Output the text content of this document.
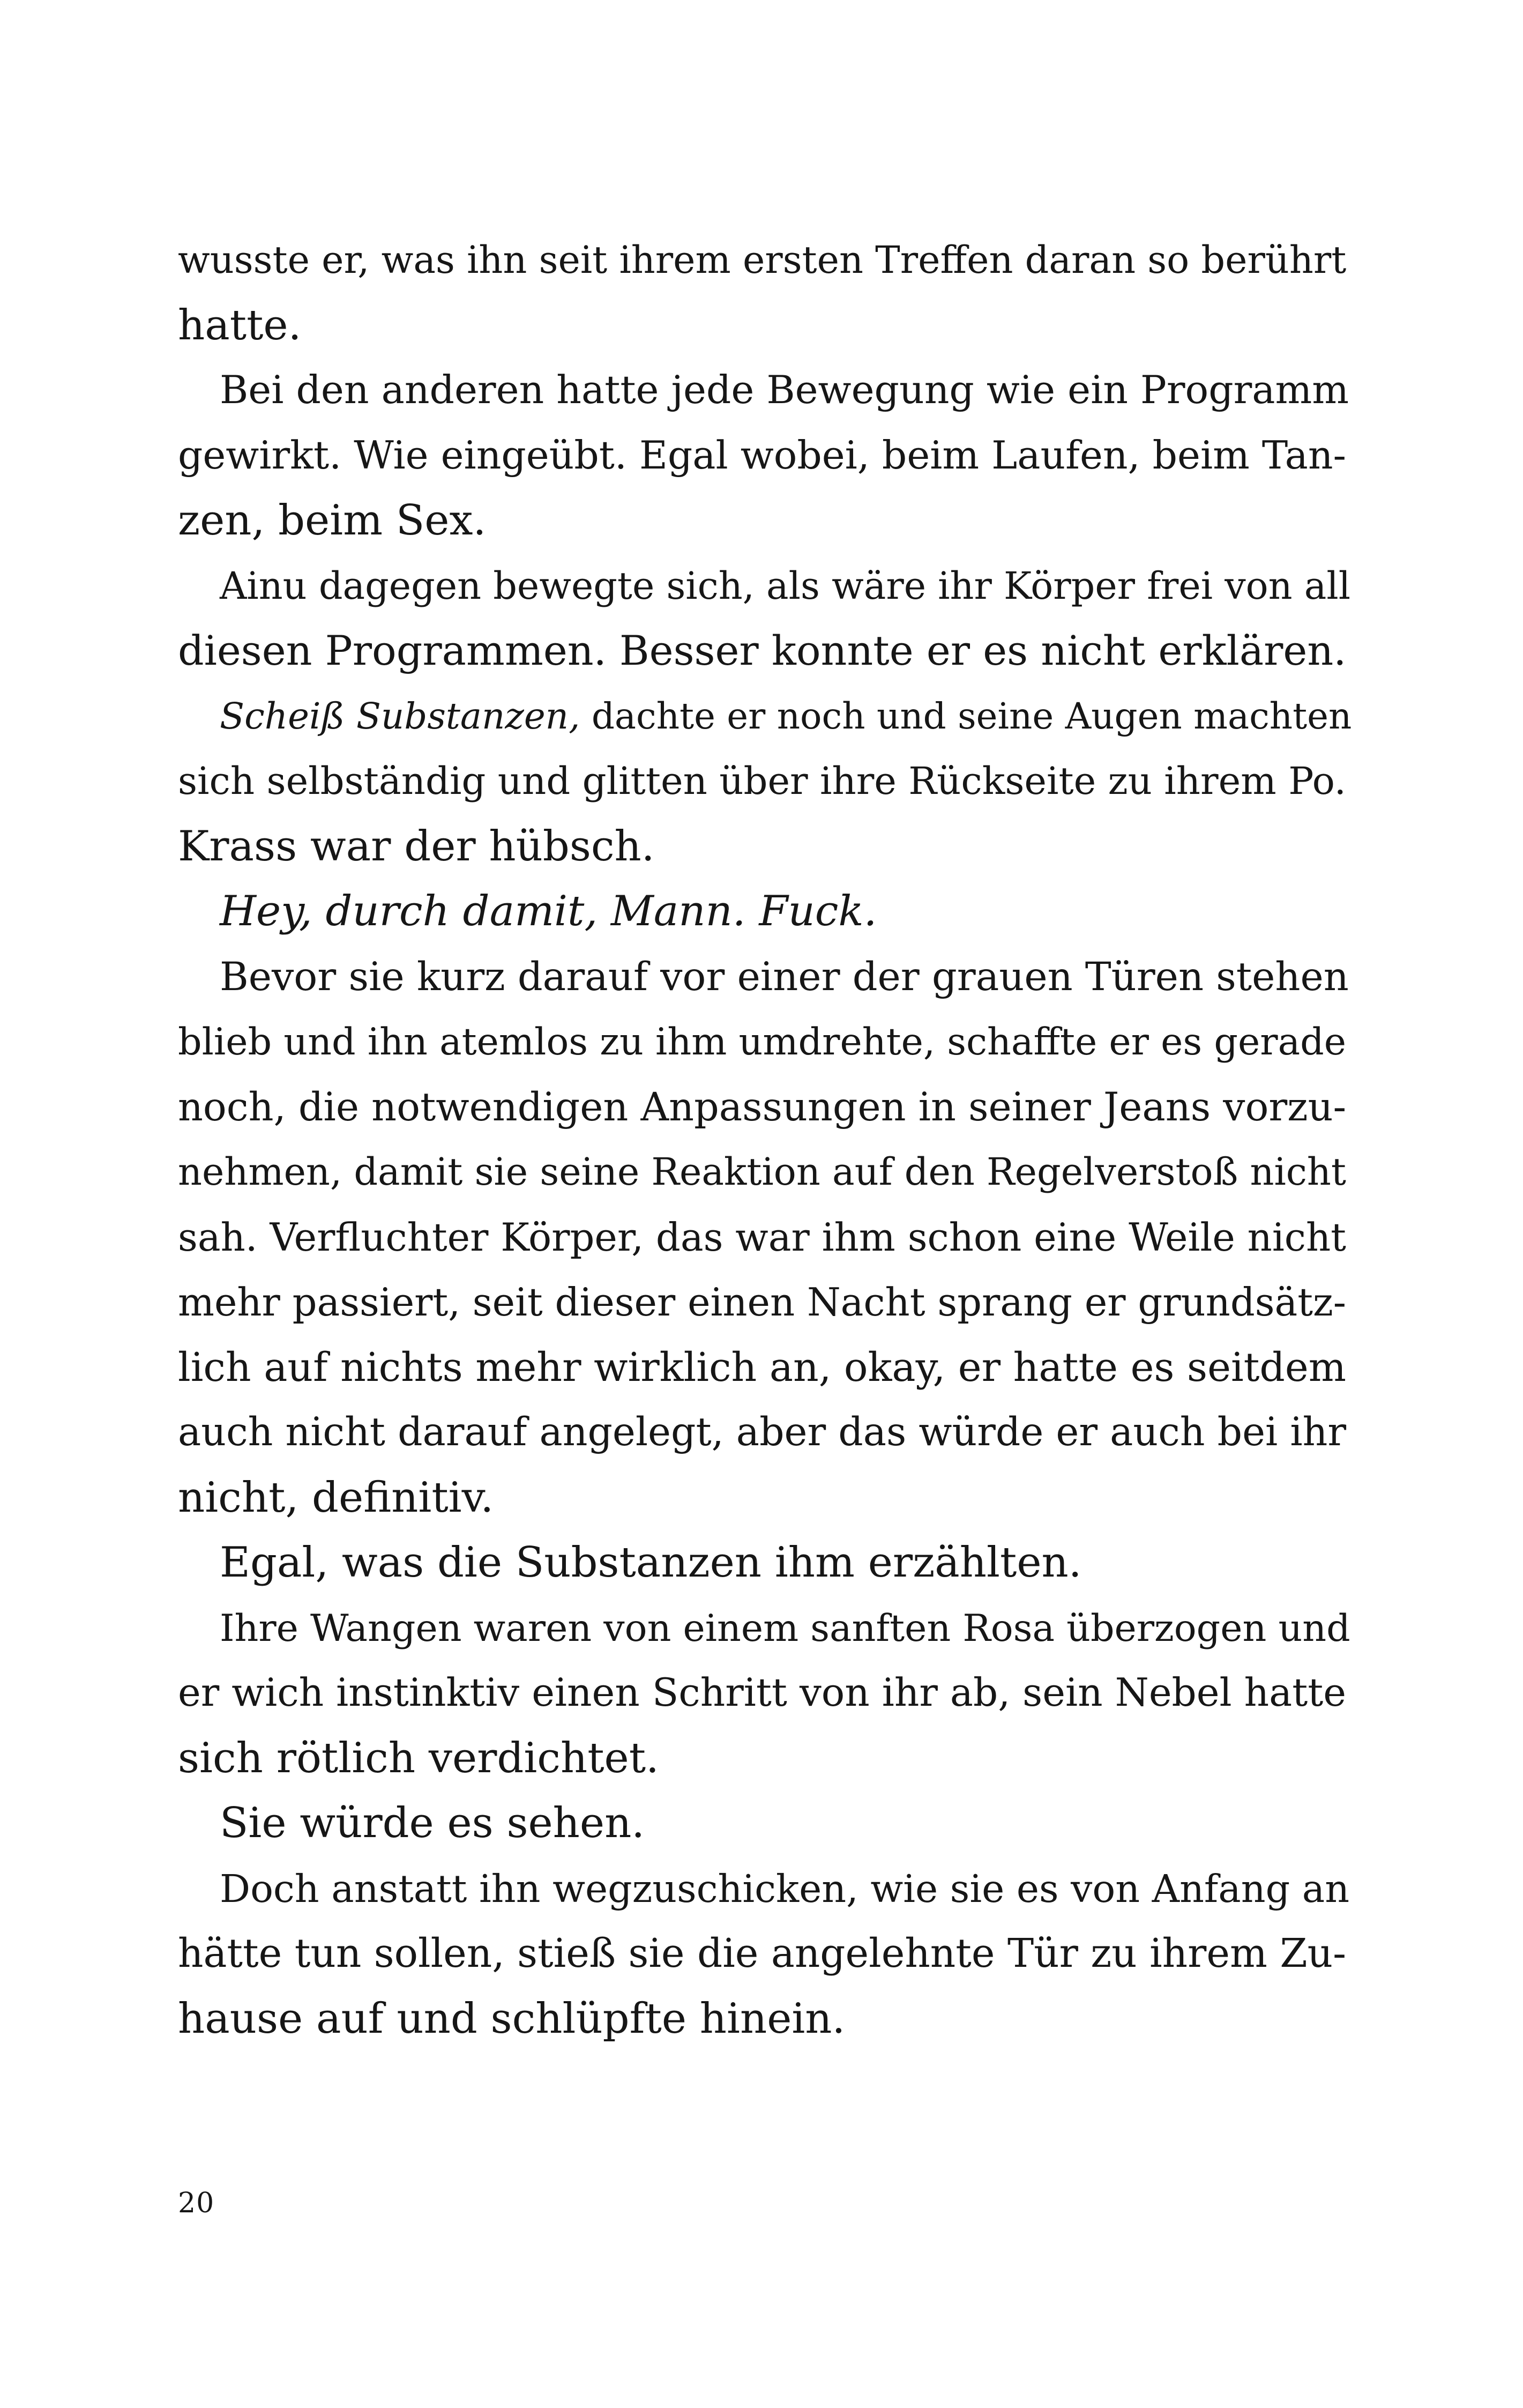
wusste er, was ihn seit ihrem ersten Treffen daran so berührt
hatte.
Bei den anderen hatte jede Bewegung wie ein Programm
gewirkt. Wie eingeübt. Egal wobei, beim Laufen, beim Tan-
zen, beim Sex.
Ainu dagegen bewegte sich, als wäre ihr Körper frei von all
diesen Programmen. Besser konnte er es nicht erklären.
Scheiß Substanzen, dachte er noch und seine Augen machten
sich selbständig und glitten über ihre Rückseite zu ihrem Po.
Krass war der hübsch.
Hey, durch damit, Mann. Fuck.
Bevor sie kurz darauf vor einer der grauen Türen stehen
blieb und ihn atemlos zu ihm umdrehte, schaffte er es gerade
noch, die notwendigen Anpassungen in seiner Jeans vorzu-
nehmen, damit sie seine Reaktion auf den Regelverstoß nicht
sah. Verfluchter Körper, das war ihm schon eine Weile nicht
mehr passiert, seit dieser einen Nacht sprang er grundsätz-
lich auf nichts mehr wirklich an, okay, er hatte es seitdem
auch nicht darauf angelegt, aber das würde er auch bei ihr
nicht, definitiv.
Egal, was die Substanzen ihm erzählten.
Ihre Wangen waren von einem sanften Rosa überzogen und
er wich instinktiv einen Schritt von ihr ab, sein Nebel hatte
sich rötlich verdichtet.
Sie würde es sehen.
Doch anstatt ihn wegzuschicken, wie sie es von Anfang an
hätte tun sollen, stieß sie die angelehnte Tür zu ihrem Zu-
hause auf und schlüpfte hinein.
20
